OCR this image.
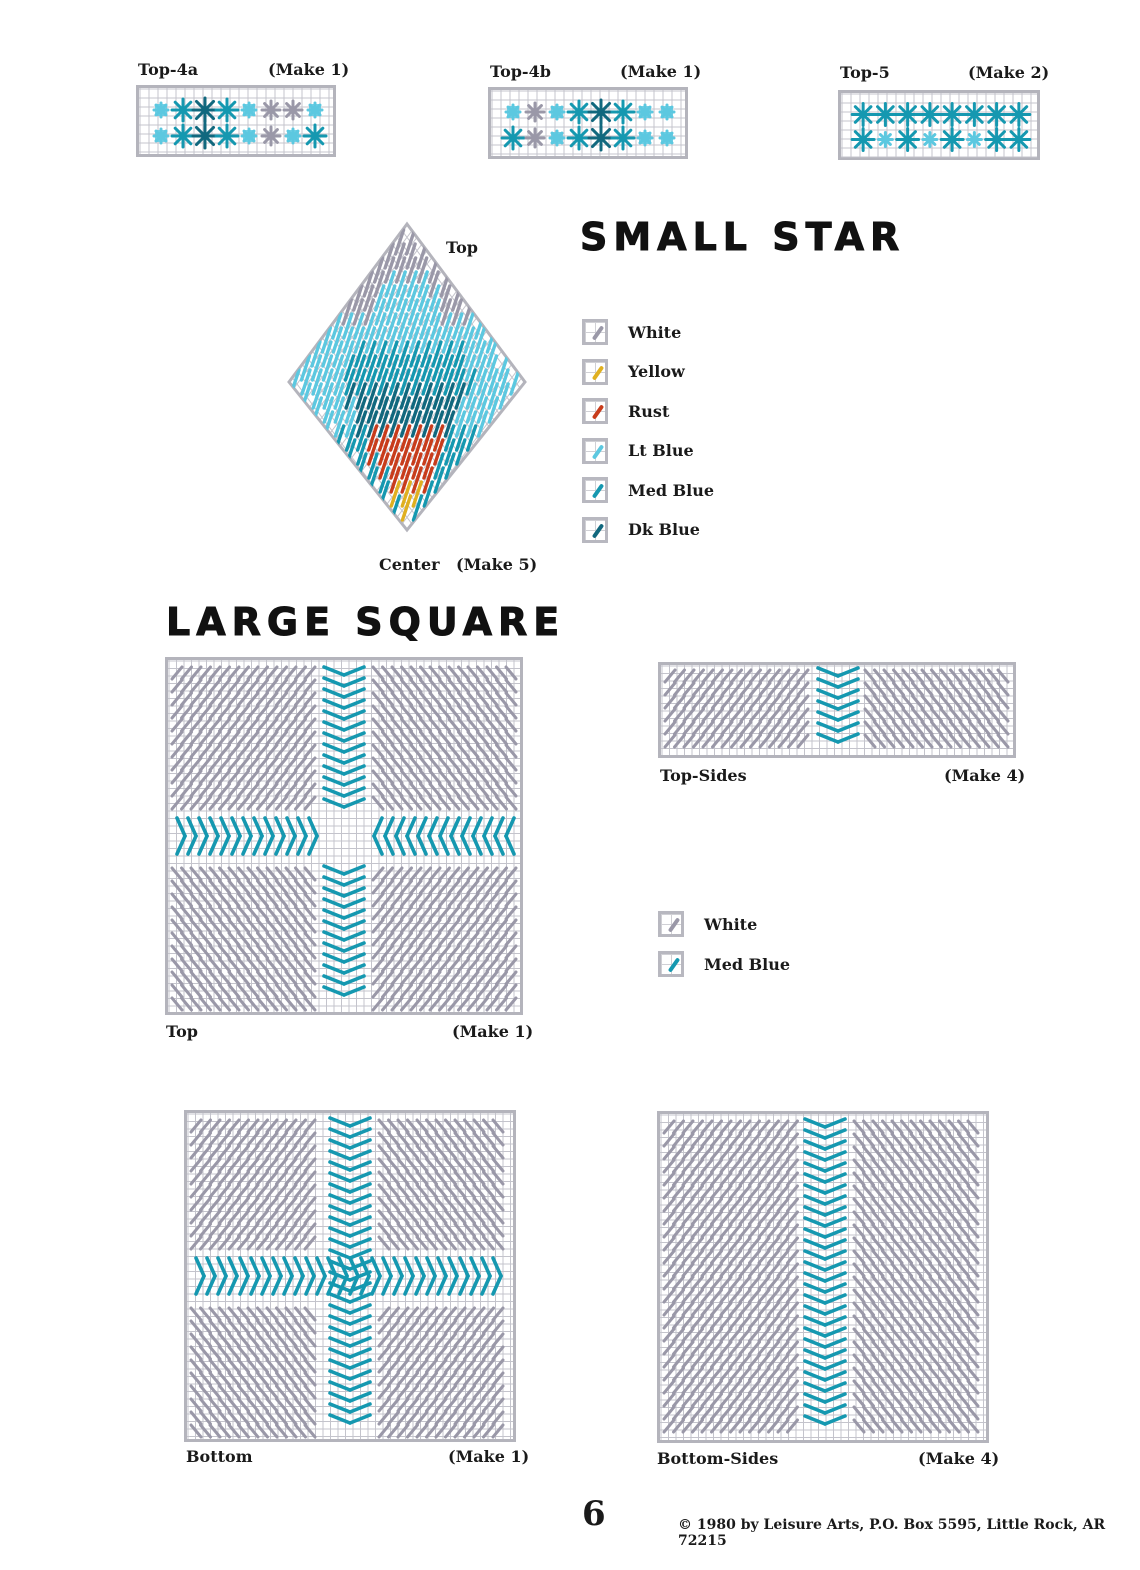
Top-4a	(Make 1)	Top-4b	(Make 1)	Top-5	(Make 2)
Top
Center (Make 5)
SMALL STAR
White
Yellow
Rust
Lt Blue
Med Blue
Dk Blue
LARGE SQUARE
Top	(Make 1)
Top-Sides	(Make 4)
White
Med Blue
Bottom	(Make 1)	Bottom-Sides	(Make 4)
6	© 1980 by Leisure Arts, P.O. Box 5595, Little Rock, AR 72215
